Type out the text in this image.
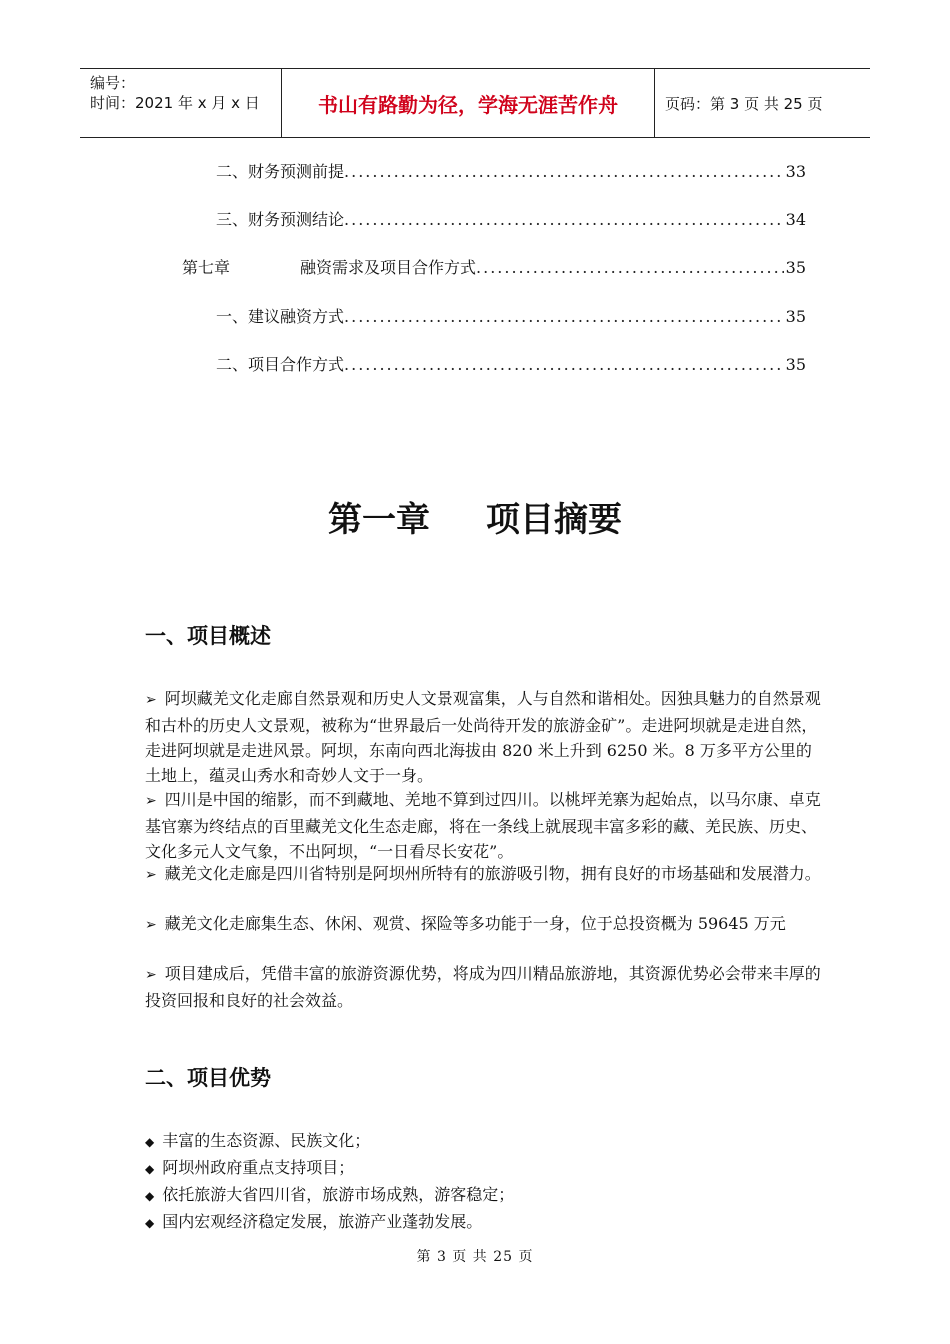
编号：
时间：2021 年 x 月 x 日	书山有路勤为径，学海无涯苦作舟	页码：第 3 页 共 25 页
二、财务预测前提 .....	33
三、财务预测结论 .....	34
第七章	融资需求及项目合作方式 .....	35
一、建议融资方式 .....	35
二、项目合作方式 .....	35
第一章 项目摘要
一、项目概述
➢ 阿坝藏羌文化走廊自然景观和历史人文景观富集，人与自然和谐相处。因独具魅力的自然景观和古朴的历史人文景观，被称为“世界最后一处尚待开发的旅游金矿”。走进阿坝就是走进自然，走进阿坝就是走进风景。阿坝，东南向西北海拔由 820 米上升到 6250 米。8 万多平方公里的土地上，蕴灵山秀水和奇妙人文于一身。
➢ 四川是中国的缩影，而不到藏地、羌地不算到过四川。以桃坪羌寨为起始点，以马尔康、卓克基官寨为终结点的百里藏羌文化生态走廊，将在一条线上就展现丰富多彩的藏、羌民族、历史、文化多元人文气象，不出阿坝，“一日看尽长安花”。
➢ 藏羌文化走廊是四川省特别是阿坝州所特有的旅游吸引物，拥有良好的市场基础和发展潜力。
➢ 藏羌文化走廊集生态、休闲、观赏、探险等多功能于一身，位于总投资概为 59645 万元
➢ 项目建成后，凭借丰富的旅游资源优势，将成为四川精品旅游地，其资源优势必会带来丰厚的投资回报和良好的社会效益。
二、项目优势
◆ 丰富的生态资源、民族文化；
◆ 阿坝州政府重点支持项目；
◆ 依托旅游大省四川省，旅游市场成熟，游客稳定；
◆ 国内宏观经济稳定发展，旅游产业蓬勃发展。
第 3 页 共 25 页
